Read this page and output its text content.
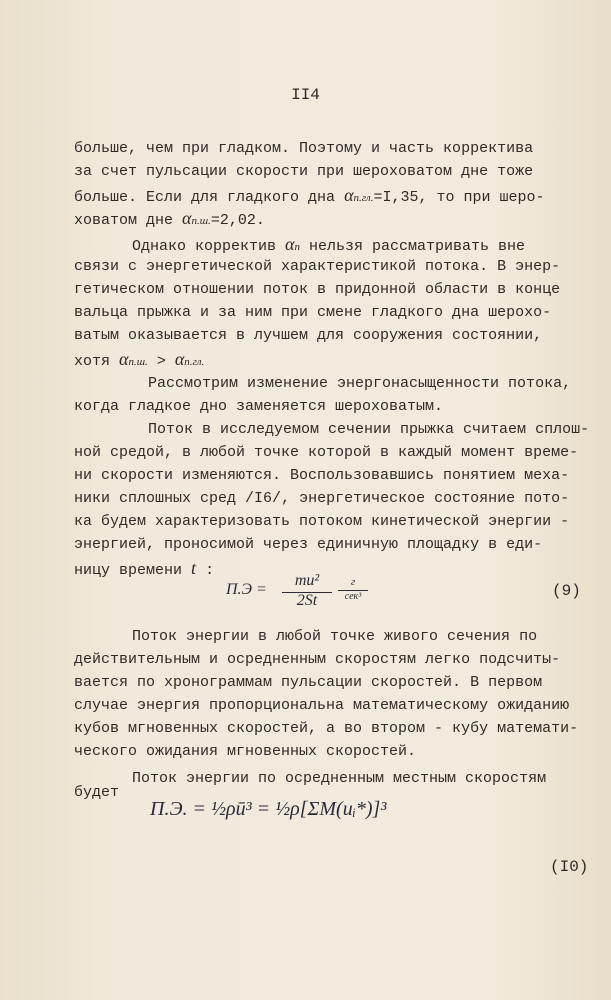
II4
больше, чем при гладком. Поэтому и часть корректива
за счет пульсации скорости при шероховатом дне тоже
больше. Если для гладкого дна αп.гл.=I,35, то при шеро-
ховатом дне αп.ш.=2,02.
Однако корректив αп нельзя рассматривать вне
связи с энергетической характеристикой потока. В энер-
гетическом отношении поток в придонной области в конце
вальца прыжка и за ним при смене гладкого дна шерохо-
ватым оказывается в лучшем для сооружения состоянии,
хотя αп.ш. > αп.гл.
Рассмотрим изменение энергонасыщенности потока,
когда гладкое дно заменяется шероховатым.
Поток в исследуемом сечении прыжка считаем сплош-
ной средой, в любой точке которой в каждый момент време-
ни скорости изменяются. Воспользовавшись понятием меха-
ники сплошных сред /I6/, энергетическое состояние пото-
ка будем характеризовать потоком кинетической энергии -
энергией, проносимой через единичную площадку в еди-
ницу времени t :
П.Э =
mu²
2St
г
сек³	(9)
Поток энергии в любой точке живого сечения по
действительным и осредненным скоростям легко подсчиты-
вается по хронограммам пульсации скоростей. В первом
случае энергия пропорциональна математическому ожиданию
кубов мгновенных скоростей, а во втором - кубу математи-
ческого ожидания мгновенных скоростей.
Поток энергии по осредненным местным скоростям
будет
П.Э. = ½ρū³ = ½ρ[ΣM(uᵢ*)]³
(I0)
